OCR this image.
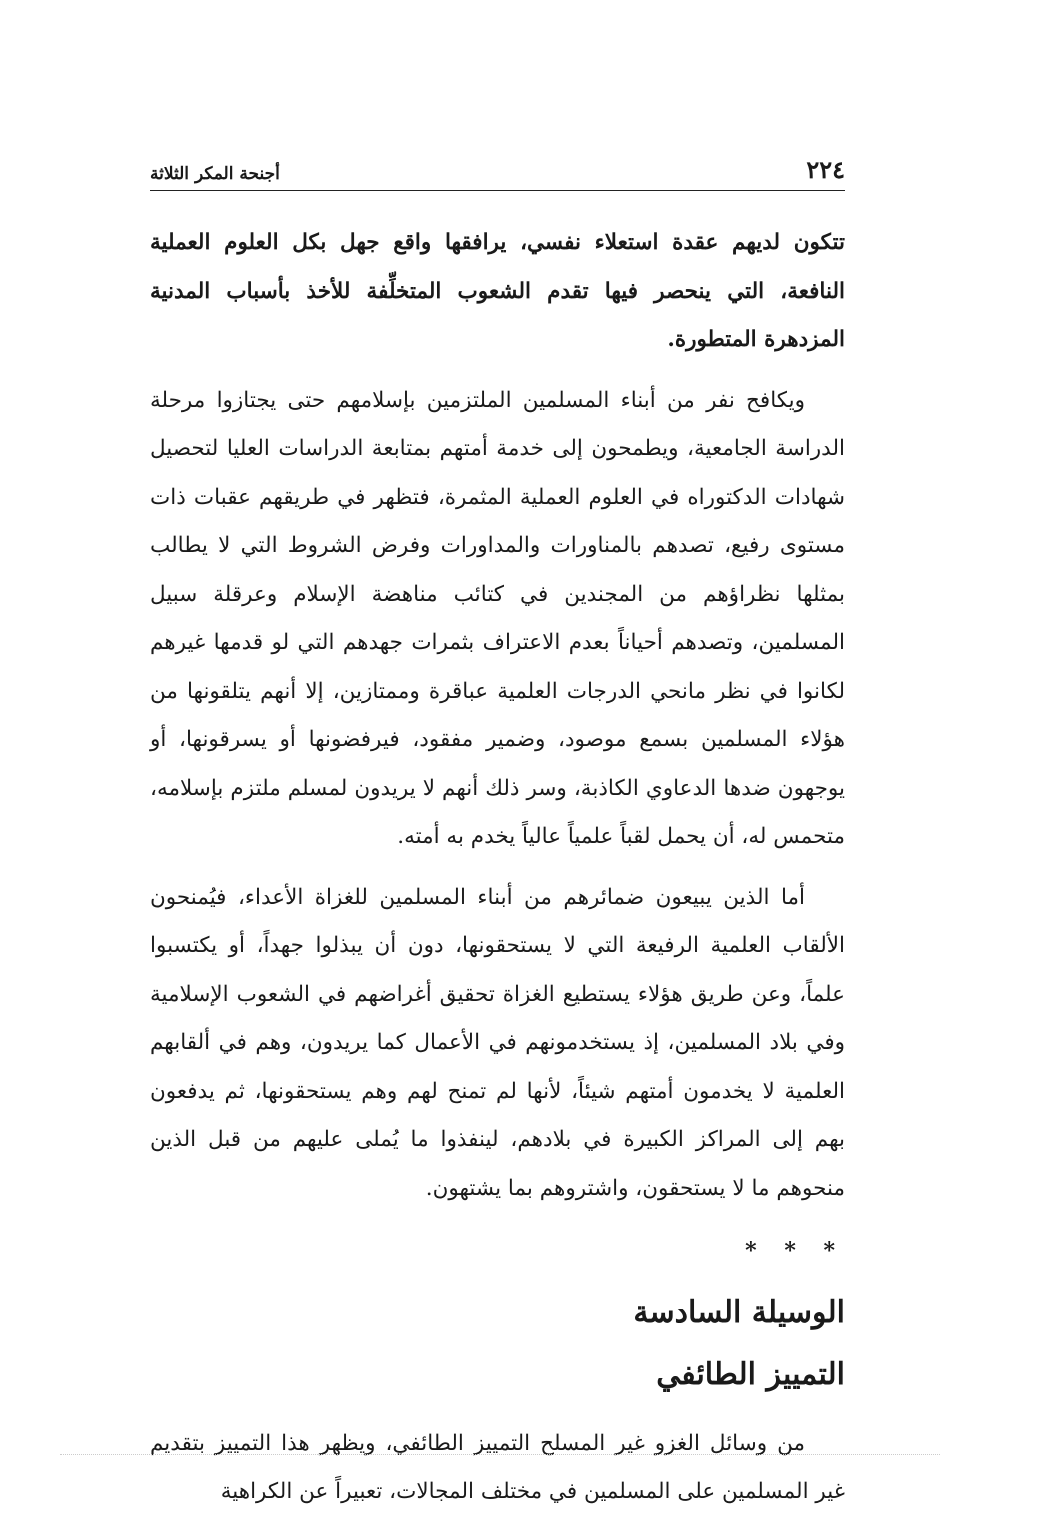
٢٢٤
أجنحة المكر الثلاثة

تتكون لديهم عقدة استعلاء نفسي، يرافقها واقع جهل بكل العلوم العملية النافعة، التي ينحصر فيها تقدم الشعوب المتخلِّفة للأخذ بأسباب المدنية المزدهرة المتطورة.

ويكافح نفر من أبناء المسلمين الملتزمين بإسلامهم حتى يجتازوا مرحلة الدراسة الجامعية، ويطمحون إلى خدمة أمتهم بمتابعة الدراسات العليا لتحصيل شهادات الدكتوراه في العلوم العملية المثمرة، فتظهر في طريقهم عقبات ذات مستوى رفيع، تصدهم بالمناورات والمداورات وفرض الشروط التي لا يطالب بمثلها نظراؤهم من المجندين في كتائب مناهضة الإسلام وعرقلة سبيل المسلمين، وتصدهم أحياناً بعدم الاعتراف بثمرات جهدهم التي لو قدمها غيرهم لكانوا في نظر مانحي الدرجات العلمية عباقرة وممتازين، إلا أنهم يتلقونها من هؤلاء المسلمين بسمع موصود، وضمير مفقود، فيرفضونها أو يسرقونها، أو يوجهون ضدها الدعاوي الكاذبة، وسر ذلك أنهم لا يريدون لمسلم ملتزم بإسلامه، متحمس له، أن يحمل لقباً علمياً عالياً يخدم به أمته.

أما الذين يبيعون ضمائرهم من أبناء المسلمين للغزاة الأعداء، فيُمنحون الألقاب العلمية الرفيعة التي لا يستحقونها، دون أن يبذلوا جهداً، أو يكتسبوا علماً، وعن طريق هؤلاء يستطيع الغزاة تحقيق أغراضهم في الشعوب الإسلامية وفي بلاد المسلمين، إذ يستخدمونهم في الأعمال كما يريدون، وهم في ألقابهم العلمية لا يخدمون أمتهم شيئاً، لأنها لم تمنح لهم وهم يستحقونها، ثم يدفعون بهم إلى المراكز الكبيرة في بلادهم، لينفذوا ما يُملى عليهم من قبل الذين منحوهم ما لا يستحقون، واشتروهم بما يشتهون.

* * *
الوسيلة السادسة
التمييز الطائفي

من وسائل الغزو غير المسلح التمييز الطائفي، ويظهر هذا التمييز بتقديم غير المسلمين على المسلمين في مختلف المجالات، تعبيراً عن الكراهية
